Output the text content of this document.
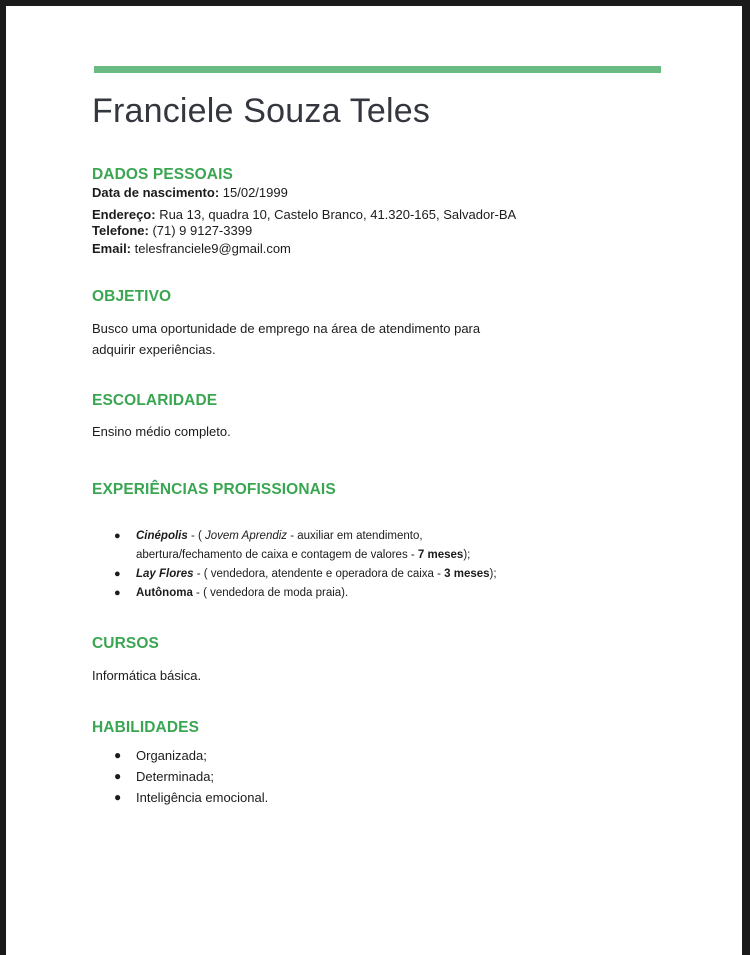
Franciele Souza Teles
DADOS PESSOAIS
Data de nascimento: 15/02/1999
Endereço: Rua 13, quadra 10, Castelo Branco, 41.320-165, Salvador-BA
Telefone: (71) 9 9127-3399
Email: telesfranciele9@gmail.com
OBJETIVO
Busco uma oportunidade de emprego na área de atendimento para
adquirir experiências.
ESCOLARIDADE
Ensino médio completo.
EXPERIÊNCIAS PROFISSIONAIS
● Cinépolis - ( Jovem Aprendiz - auxiliar em atendimento,
abertura/fechamento de caixa e contagem de valores - 7 meses);
● Lay Flores - ( vendedora, atendente e operadora de caixa - 3 meses);
● Autônoma - ( vendedora de moda praia).
CURSOS
Informática básica.
HABILIDADES
● Organizada;
● Determinada;
● Inteligência emocional.
